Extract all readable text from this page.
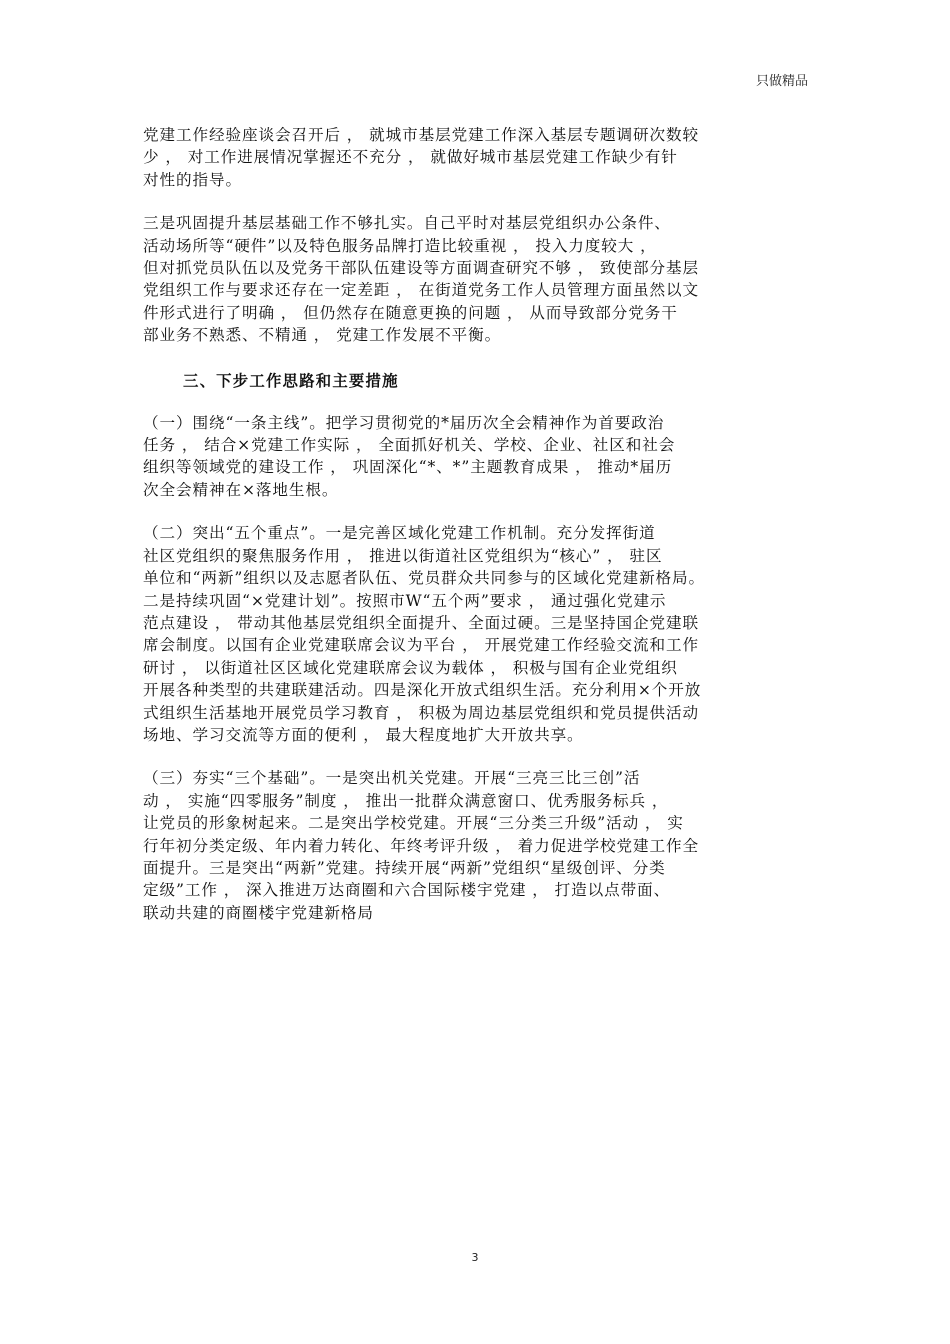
只做精品
党建工作经验座谈会召开后 ， 就城市基层党建工作深入基层专题调研次数较
少 ， 对工作进展情况掌握还不充分 ， 就做好城市基层党建工作缺少有针
对性的指导。
三是巩固提升基层基础工作不够扎实。自己平时对基层党组织办公条件、
活动场所等“硬件”以及特色服务品牌打造比较重视 ， 投入力度较大 ，
但对抓党员队伍以及党务干部队伍建设等方面调查研究不够 ， 致使部分基层
党组织工作与要求还存在一定差距 ， 在街道党务工作人员管理方面虽然以文
件形式进行了明确 ， 但仍然存在随意更换的问题 ， 从而导致部分党务干
部业务不熟悉、不精通 ， 党建工作发展不平衡。
三、下步工作思路和主要措施
（一）围绕“一条主线”。把学习贯彻党的*届历次全会精神作为首要政治
任务 ， 结合×党建工作实际 ， 全面抓好机关、学校、企业、社区和社会
组织等领域党的建设工作 ， 巩固深化“*、*”主题教育成果 ， 推动*届历
次全会精神在×落地生根。
（二）突出“五个重点”。一是完善区域化党建工作机制。充分发挥街道
社区党组织的聚焦服务作用 ， 推进以街道社区党组织为“核心” ， 驻区
单位和“两新”组织以及志愿者队伍、党员群众共同参与的区域化党建新格局。
二是持续巩固“×党建计划”。按照市W“五个两”要求 ， 通过强化党建示
范点建设 ， 带动其他基层党组织全面提升、全面过硬。三是坚持国企党建联
席会制度。以国有企业党建联席会议为平台 ， 开展党建工作经验交流和工作
研讨 ， 以街道社区区域化党建联席会议为载体 ， 积极与国有企业党组织
开展各种类型的共建联建活动。四是深化开放式组织生活。充分利用×个开放
式组织生活基地开展党员学习教育 ， 积极为周边基层党组织和党员提供活动
场地、学习交流等方面的便利 ， 最大程度地扩大开放共享。
（三）夯实“三个基础”。一是突出机关党建。开展“三亮三比三创”活
动 ， 实施“四零服务”制度 ， 推出一批群众满意窗口、优秀服务标兵 ，
让党员的形象树起来。二是突出学校党建。开展“三分类三升级”活动 ， 实
行年初分类定级、年内着力转化、年终考评升级 ， 着力促进学校党建工作全
面提升。三是突出“两新”党建。持续开展“两新”党组织“星级创评、分类
定级”工作 ， 深入推进万达商圈和六合国际楼宇党建 ， 打造以点带面、
联动共建的商圈楼宇党建新格局
3
